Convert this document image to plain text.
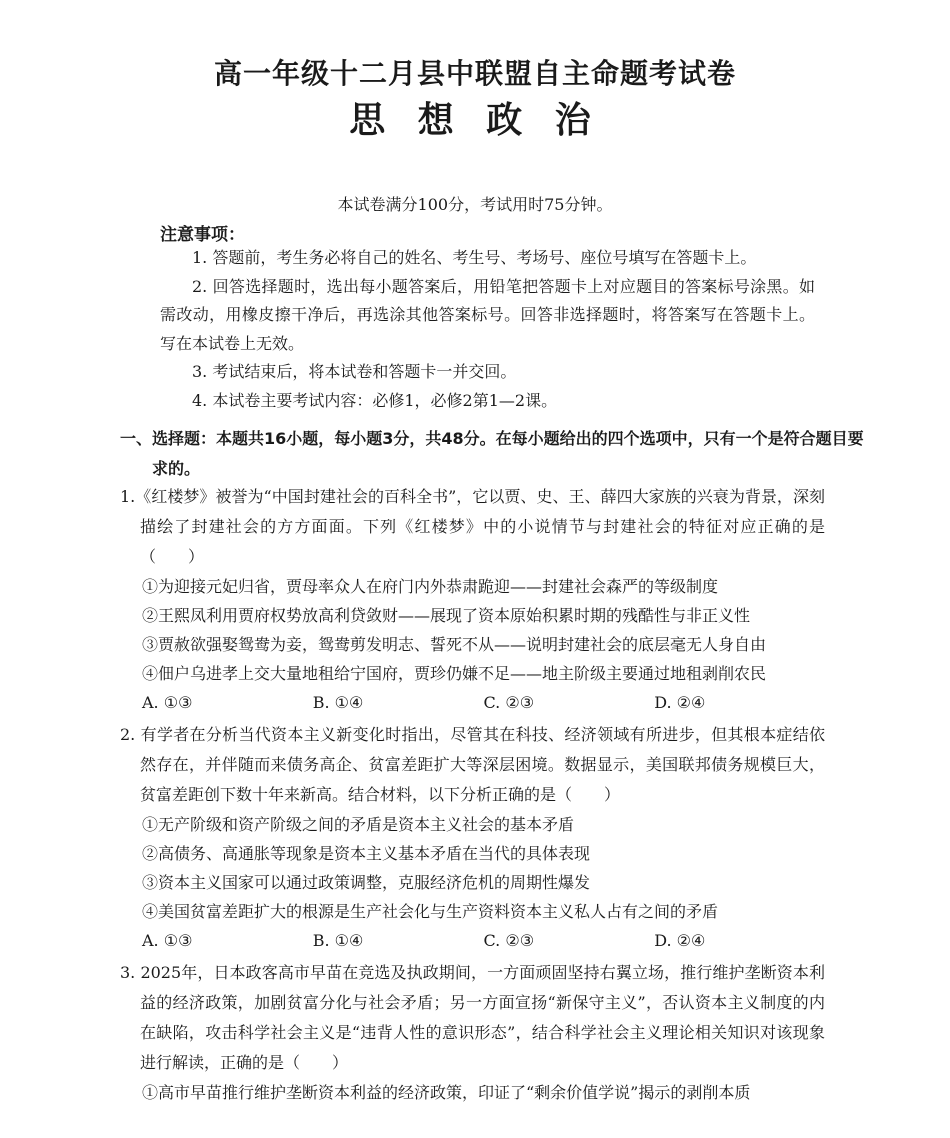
高一年级十二月县中联盟自主命题考试卷
思 想 政 治
本试卷满分100分，考试用时75分钟。
注意事项：

1. 答题前，考生务必将自己的姓名、考生号、考场号、座位号填写在答题卡上。

2. 回答选择题时，选出每小题答案后，用铅笔把答题卡上对应题目的答案标号涂黑。如需改动，用橡皮擦干净后，再选涂其他答案标号。回答非选择题时，将答案写在答题卡上。写在本试卷上无效。

3. 考试结束后，将本试卷和答题卡一并交回。

4. 本试卷主要考试内容：必修1，必修2第1—2课。

一、选择题：本题共16小题，每小题3分，共48分。在每小题给出的四个选项中，只有一个是符合题目要求的。
1.《红楼梦》被誉为“中国封建社会的百科全书”，它以贾、史、王、薛四大家族的兴衰为背景，深刻描绘了封建社会的方方面面。下列《红楼梦》中的小说情节与封建社会的特征对应正确的是（　　）
①为迎接元妃归省，贾母率众人在府门内外恭肃跪迎——封建社会森严的等级制度
②王熙凤利用贾府权势放高利贷敛财——展现了资本原始积累时期的残酷性与非正义性
③贾赦欲强娶鸳鸯为妾，鸳鸯剪发明志、誓死不从——说明封建社会的底层毫无人身自由
④佃户乌进孝上交大量地租给宁国府，贾珍仍嫌不足——地主阶级主要通过地租剥削农民
A. ①③	B. ①④	C. ②③	D. ②④
2. 有学者在分析当代资本主义新变化时指出，尽管其在科技、经济领域有所进步，但其根本症结依然存在，并伴随而来债务高企、贫富差距扩大等深层困境。数据显示，美国联邦债务规模巨大，贫富差距创下数十年来新高。结合材料，以下分析正确的是（　　）
①无产阶级和资产阶级之间的矛盾是资本主义社会的基本矛盾
②高债务、高通胀等现象是资本主义基本矛盾在当代的具体表现
③资本主义国家可以通过政策调整，克服经济危机的周期性爆发
④美国贫富差距扩大的根源是生产社会化与生产资料资本主义私人占有之间的矛盾
A. ①③	B. ①④	C. ②③	D. ②④
3. 2025年，日本政客高市早苗在竞选及执政期间，一方面顽固坚持右翼立场，推行维护垄断资本利益的经济政策，加剧贫富分化与社会矛盾；另一方面宣扬“新保守主义”，否认资本主义制度的内在缺陷，攻击科学社会主义是“违背人性的意识形态”，结合科学社会主义理论相关知识对该现象进行解读，正确的是（　　）
①高市早苗推行维护垄断资本利益的经济政策，印证了“剩余价值学说”揭示的剥削本质
